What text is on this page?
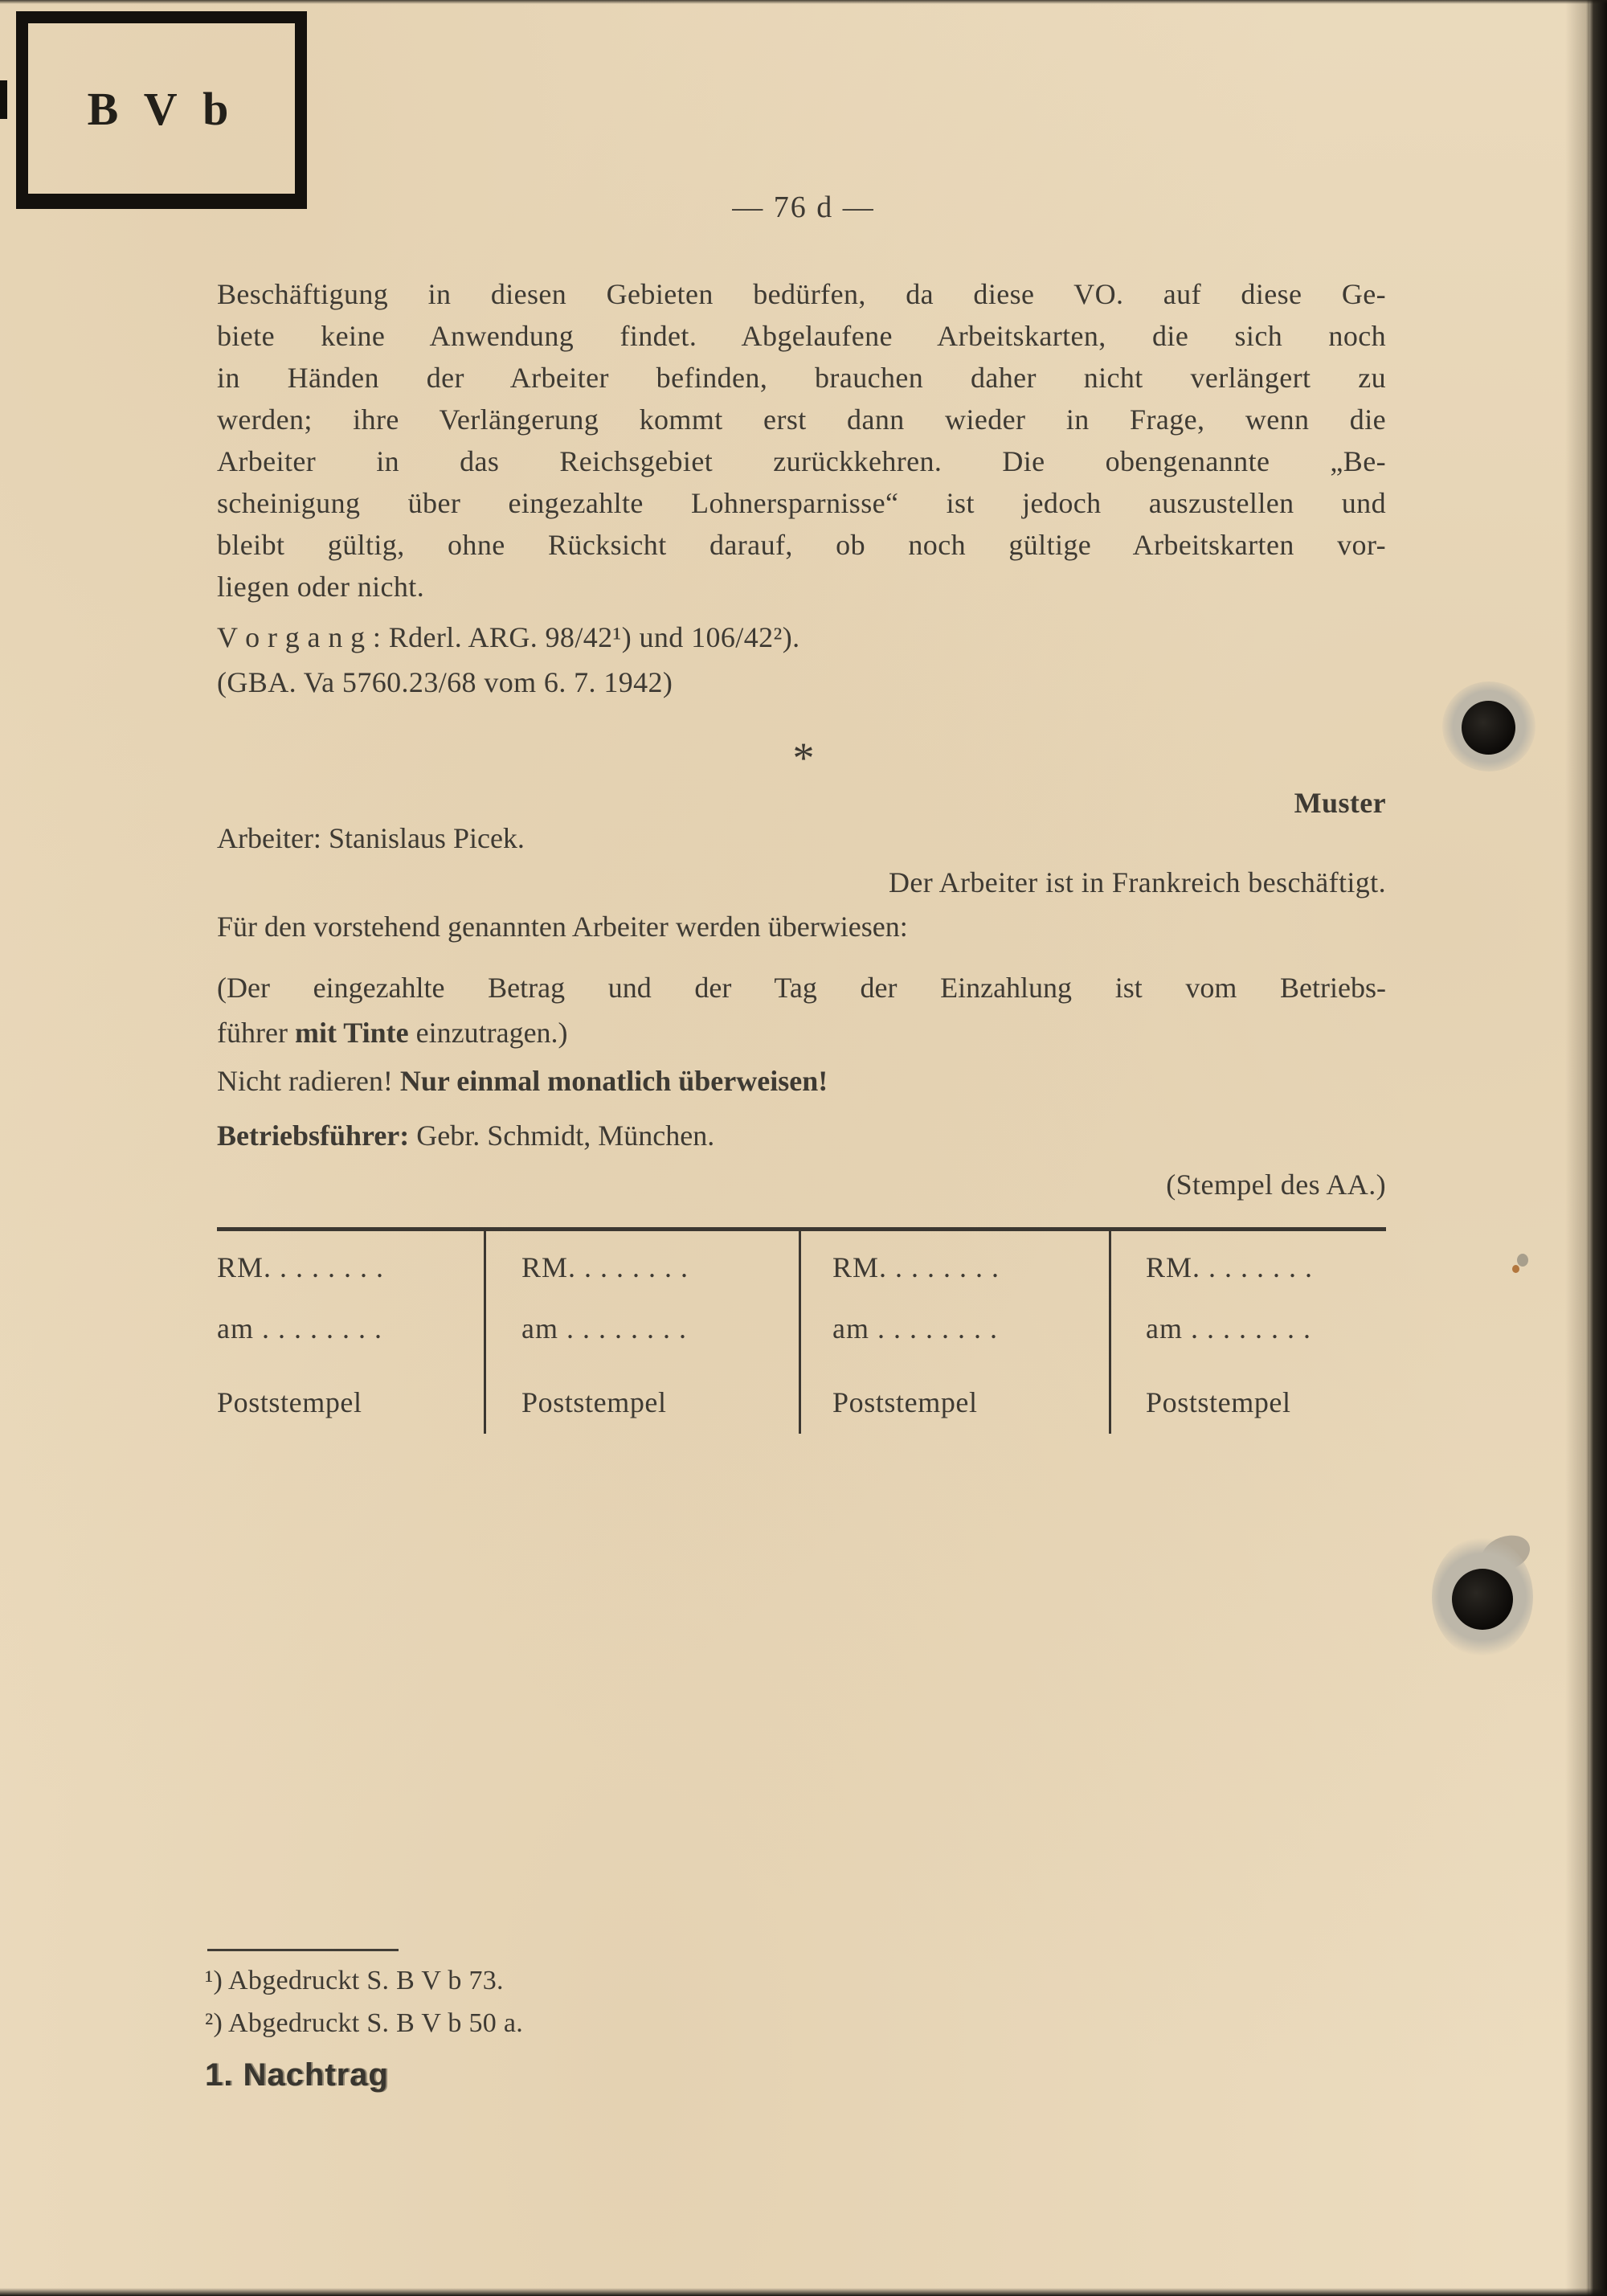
B V b
— 76 d —
Beschäftigung in diesen Gebieten bedürfen, da diese VO. auf diese Ge-
biete keine Anwendung findet. Abgelaufene Arbeitskarten, die sich noch
in Händen der Arbeiter befinden, brauchen daher nicht verlängert zu
werden; ihre Verlängerung kommt erst dann wieder in Frage, wenn die
Arbeiter in das Reichsgebiet zurückkehren. Die obengenannte „Be-
scheinigung über eingezahlte Lohnersparnisse“ ist jedoch auszustellen und
bleibt gültig, ohne Rücksicht darauf, ob noch gültige Arbeitskarten vor-
liegen oder nicht.
V o r g a n g : Rderl. ARG. 98/42¹) und 106/42²).
(GBA. Va 5760.23/68 vom 6. 7. 1942)
*
Muster
Arbeiter: Stanislaus Picek.
Der Arbeiter ist in Frankreich beschäftigt.
Für den vorstehend genannten Arbeiter werden überwiesen:
(Der eingezahlte Betrag und der Tag der Einzahlung ist vom Betriebs-
führer mit Tinte einzutragen.)
Nicht radieren! Nur einmal monatlich überweisen!
Betriebsführer: Gebr. Schmidt, München.
(Stempel des AA.)
RM. . . . . . . .
am . . . . . . . .
Poststempel
RM. . . . . . . .
am . . . . . . . .
Poststempel
RM. . . . . . . .
am . . . . . . . .
Poststempel
RM. . . . . . . .
am . . . . . . . .
Poststempel
¹) Abgedruckt S. B V b 73.
²) Abgedruckt S. B V b 50 a.
1. Nachtrag
